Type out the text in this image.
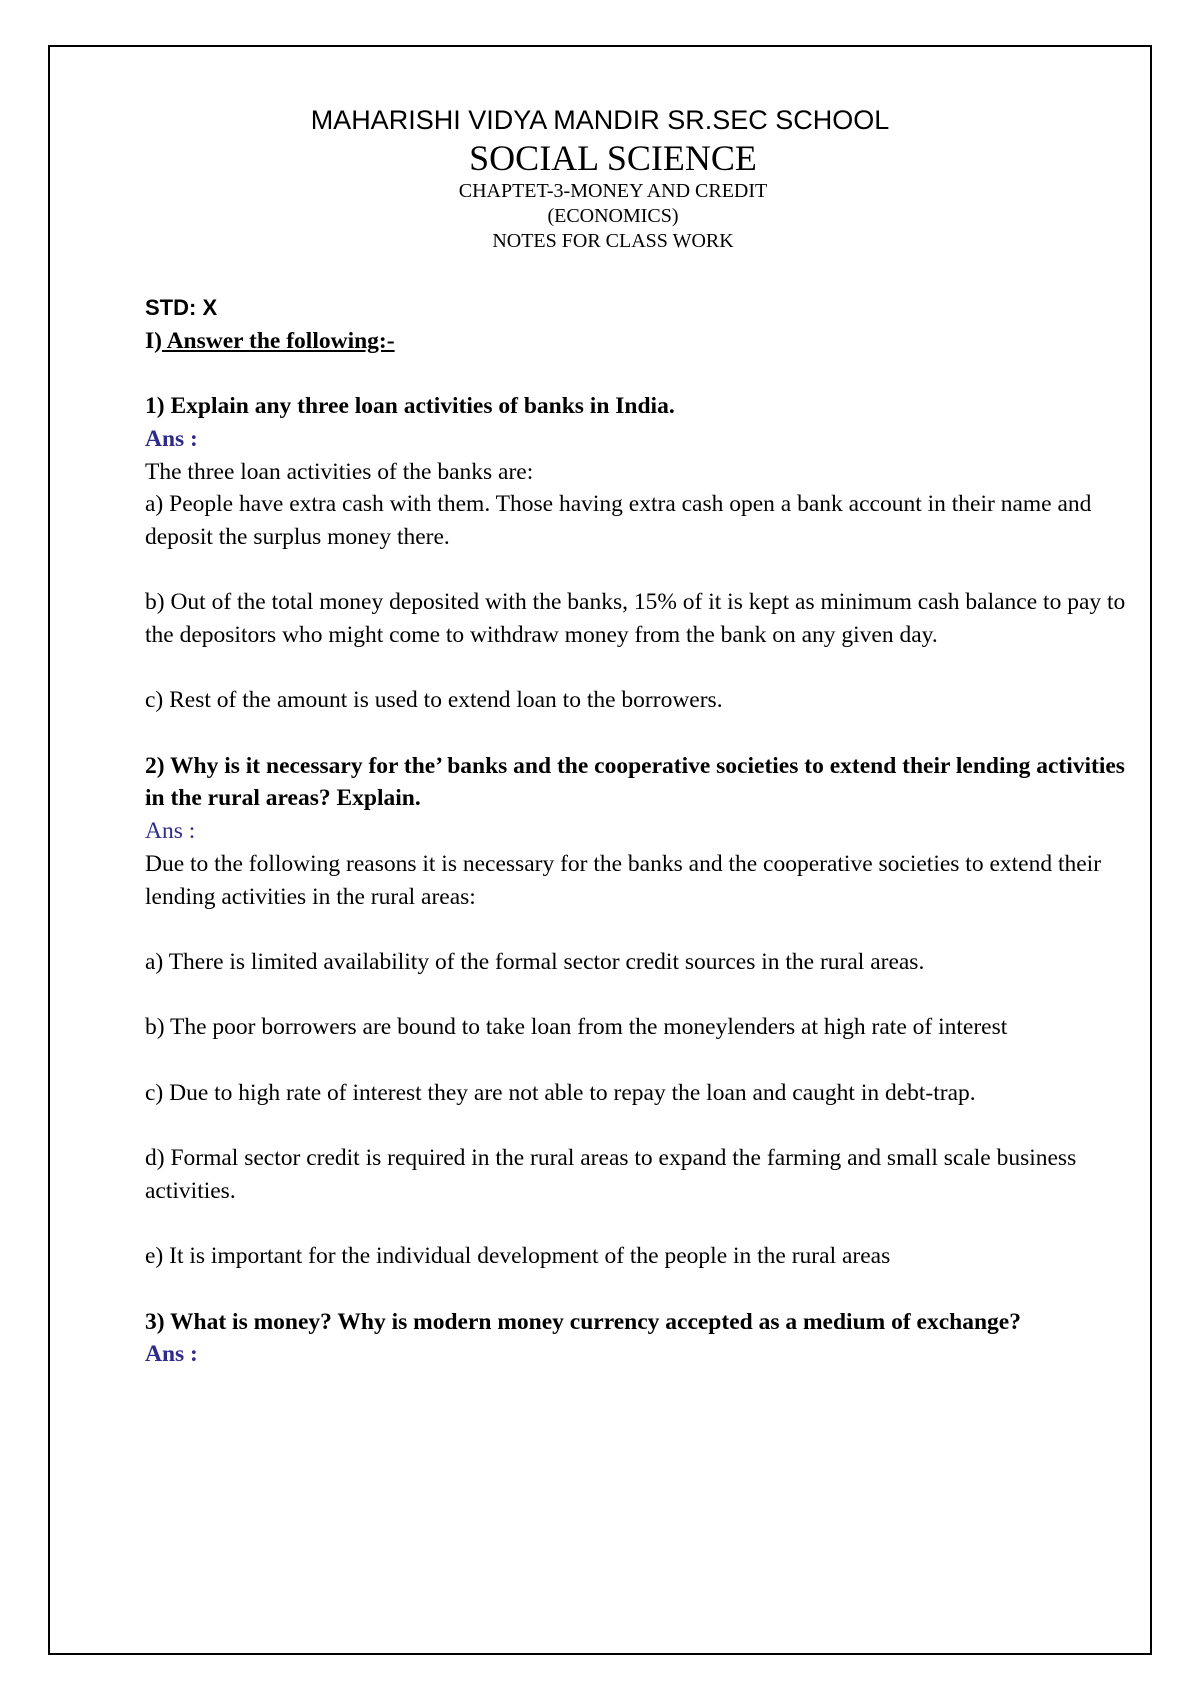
MAHARISHI VIDYA MANDIR SR.SEC SCHOOL
SOCIAL SCIENCE
CHAPTET-3-MONEY AND CREDIT
(ECONOMICS)
NOTES FOR CLASS WORK

STD: X

I) Answer the following:-

1) Explain any three loan activities of banks in India.

Ans :

The three loan activities of the banks are:

a) People have extra cash with them. Those having extra cash open a bank account in their name and deposit the surplus money there.

b) Out of the total money deposited with the banks, 15% of it is kept as minimum cash balance to pay to the depositors who might come to withdraw money from the bank on any given day.

c) Rest of the amount is used to extend loan to the borrowers.

2) Why is it necessary for the’ banks and the cooperative societies to extend their lending activities in the rural areas? Explain.

Ans :

Due to the following reasons it is necessary for the banks and the cooperative societies to extend their lending activities in the rural areas:

a) There is limited availability of the formal sector credit sources in the rural areas.

b) The poor borrowers are bound to take loan from the moneylenders at high rate of interest

c) Due to high rate of interest they are not able to repay the loan and caught in debt-trap.

d) Formal sector credit is required in the rural areas to expand the farming and small scale business activities.

e) It is important for the individual development of the people in the rural areas

3) What is money? Why is modern money currency accepted as a medium of exchange?

Ans :
